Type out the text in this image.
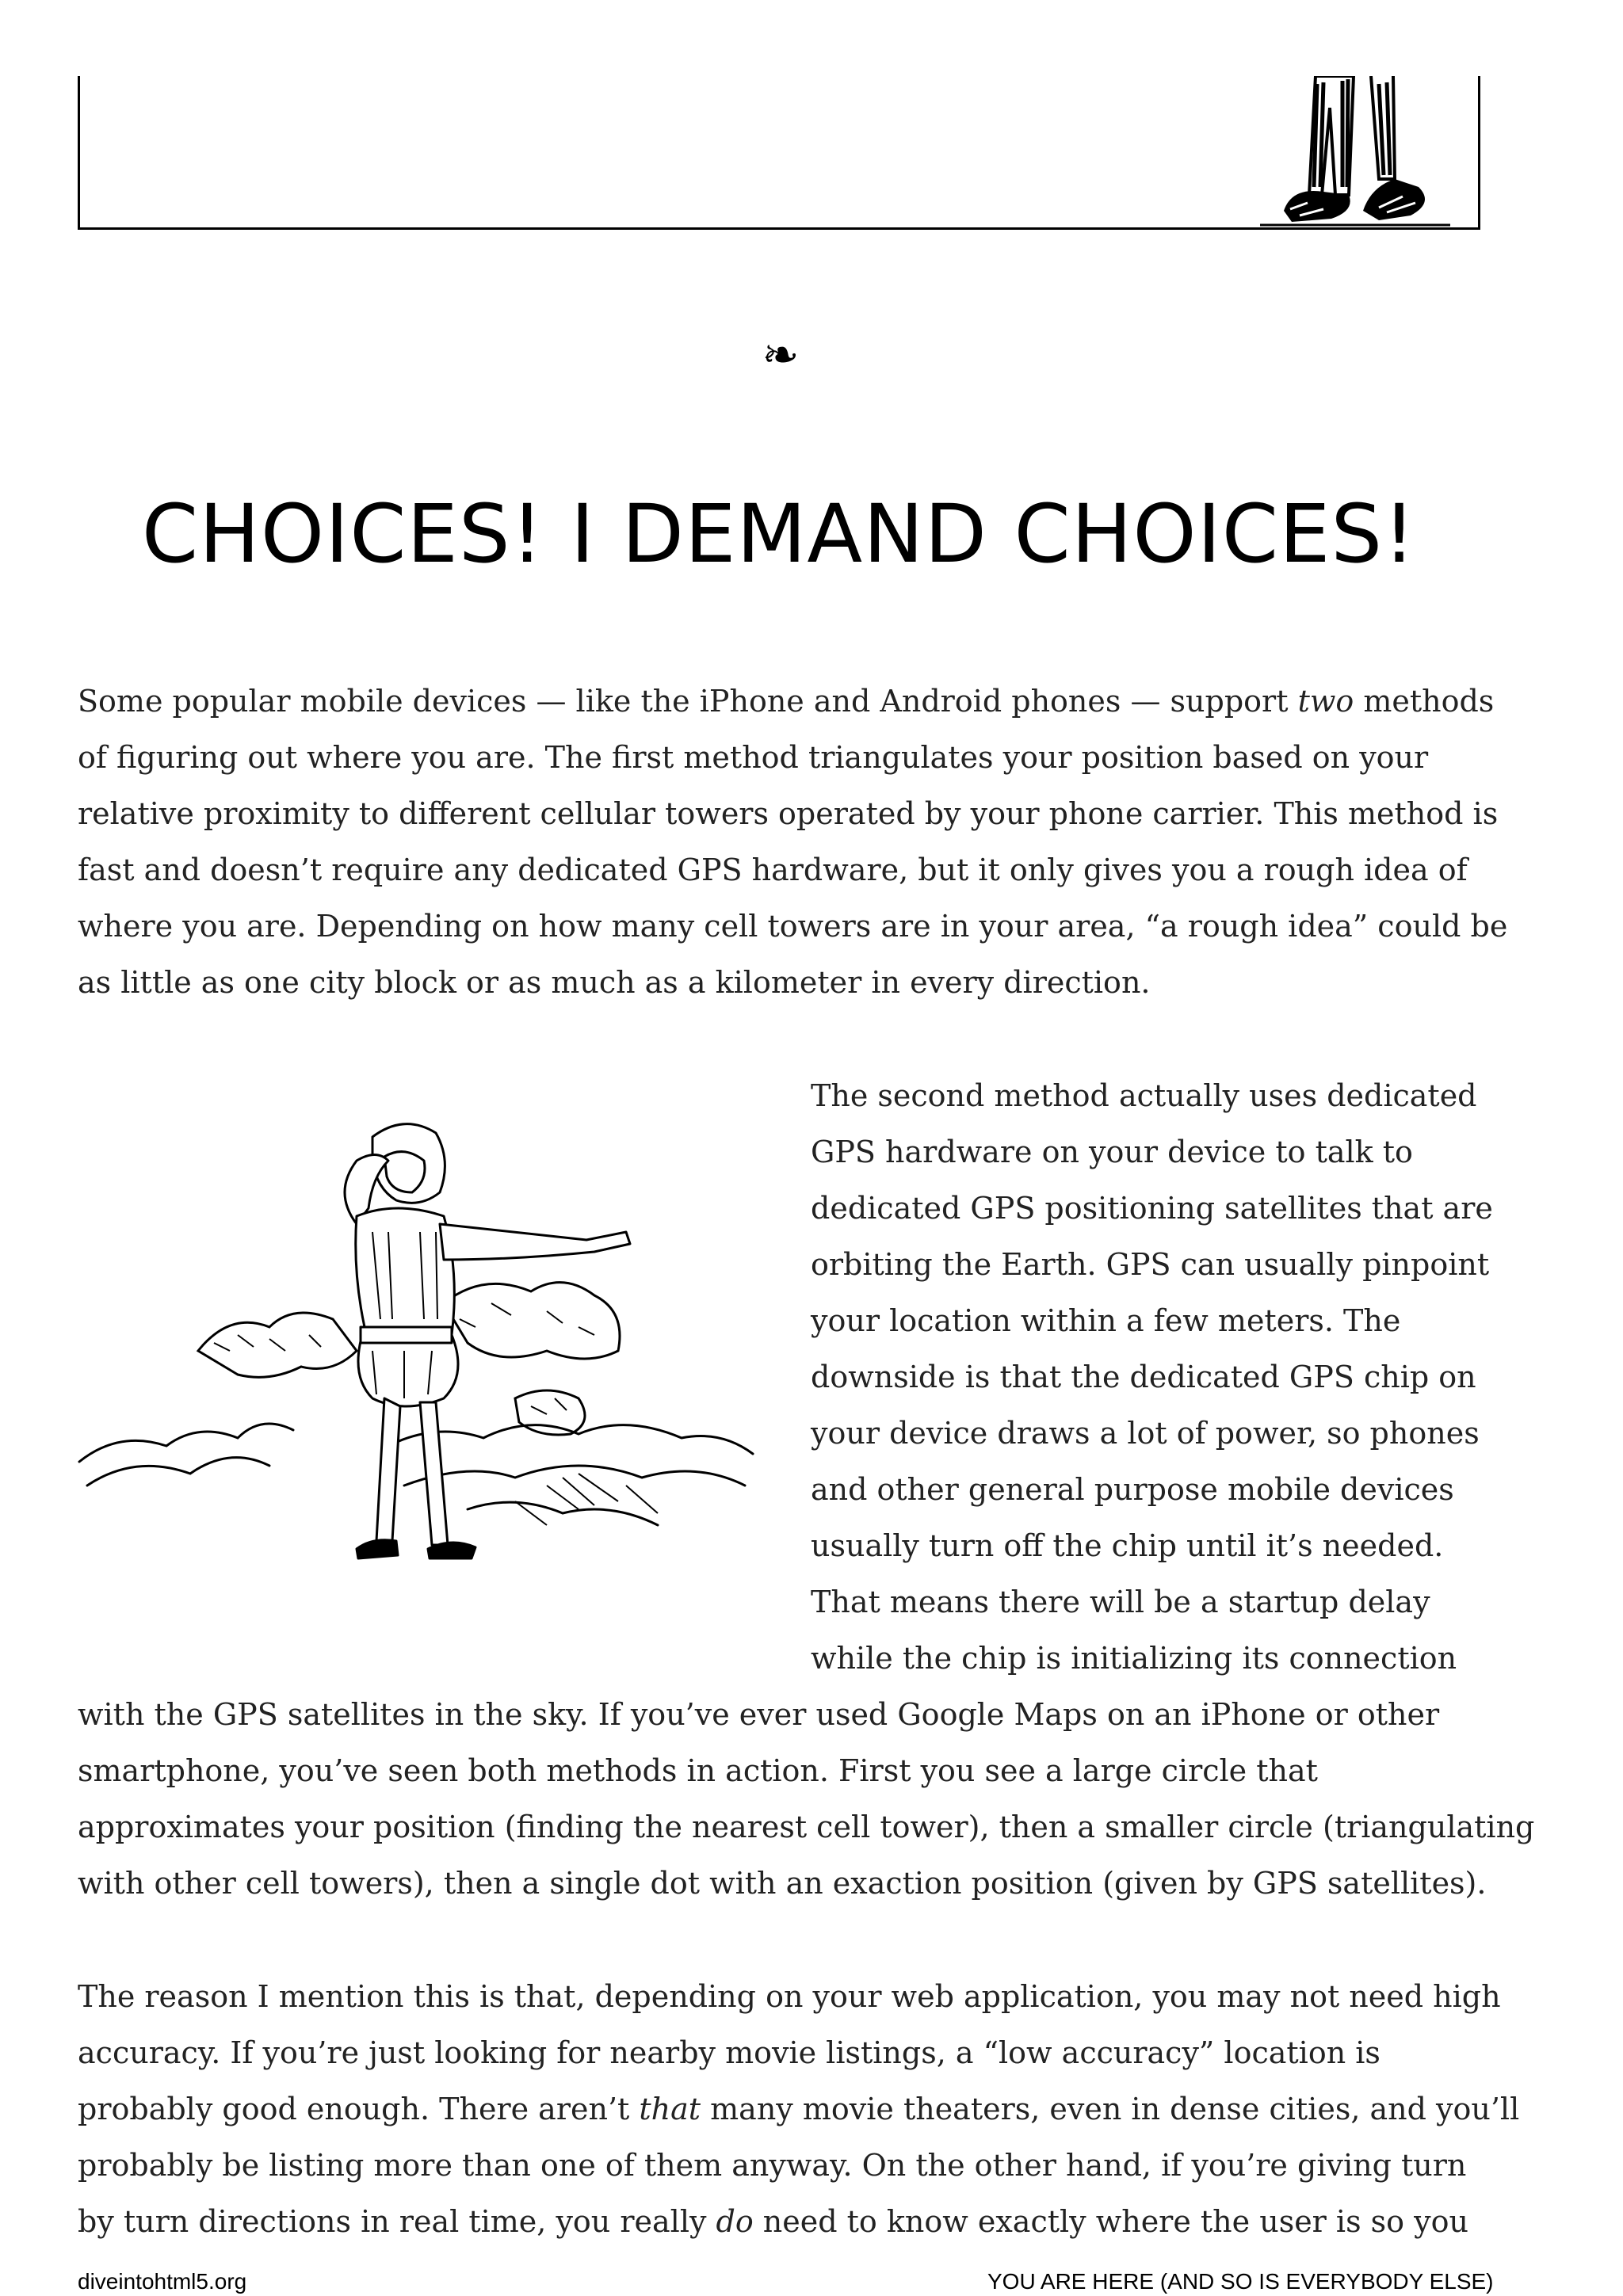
❧
CHOICES! I DEMAND CHOICES!
Some popular mobile devices — like the iPhone and Android phones — support two methods
of figuring out where you are. The first method triangulates your position based on your
relative proximity to different cellular towers operated by your phone carrier. This method is
fast and doesn’t require any dedicated GPS hardware, but it only gives you a rough idea of
where you are. Depending on how many cell towers are in your area, “a rough idea” could be
as little as one city block or as much as a kilometer in every direction.
The second method actually uses dedicated
GPS hardware on your device to talk to
dedicated GPS positioning satellites that are
orbiting the Earth. GPS can usually pinpoint
your location within a few meters. The
downside is that the dedicated GPS chip on
your device draws a lot of power, so phones
and other general purpose mobile devices
usually turn off the chip until it’s needed.
That means there will be a startup delay
while the chip is initializing its connection
with the GPS satellites in the sky. If you’ve ever used Google Maps on an iPhone or other
smartphone, you’ve seen both methods in action. First you see a large circle that
approximates your position (finding the nearest cell tower), then a smaller circle (triangulating
with other cell towers), then a single dot with an exaction position (given by GPS satellites).
The reason I mention this is that, depending on your web application, you may not need high
accuracy. If you’re just looking for nearby movie listings, a “low accuracy” location is
probably good enough. There aren’t that many movie theaters, even in dense cities, and you’ll
probably be listing more than one of them anyway. On the other hand, if you’re giving turn
by turn directions in real time, you really do need to know exactly where the user is so you
diveintohtml5.org	YOU ARE HERE (AND SO IS EVERYBODY ELSE)
